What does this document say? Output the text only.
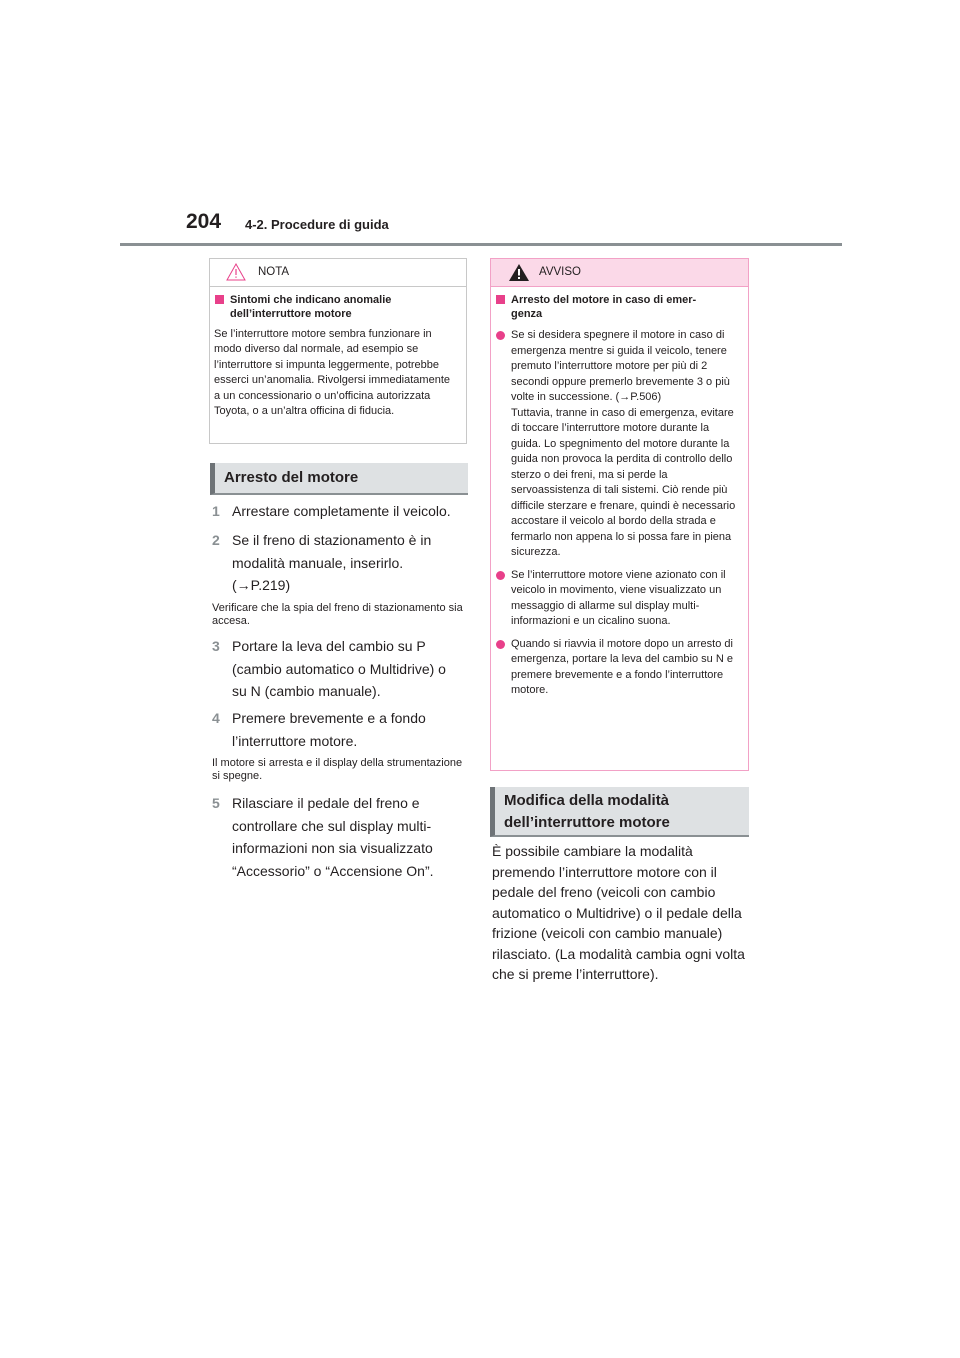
204 4-2. Procedure di guida
NOTA
Sintomi che indicano anomalie
dell’interruttore motore
Se l’interruttore motore sembra funzionare in modo diverso dal normale, ad esempio se l’interruttore si impunta leggermente, potrebbe esserci un’anomalia. Rivolgersi immediatamente a un concessionario o un’officina autorizzata Toyota, o a un’altra officina di fiducia.
Arresto del motore
1 Arrestare completamente il veicolo.
2 Se il freno di stazionamento è in modalità manuale, inserirlo. (→P.219)
Verificare che la spia del freno di stazionamento sia accesa.
3 Portare la leva del cambio su P (cambio automatico o Multidrive) o su N (cambio manuale).
4 Premere brevemente e a fondo l’interruttore motore.
Il motore si arresta e il display della strumentazione si spegne.
5 Rilasciare il pedale del freno e controllare che sul display multi-informazioni non sia visualizzato “Accessorio” o “Accensione On”.
AVVISO
Arresto del motore in caso di emer-
genza
Se si desidera spegnere il motore in caso di emergenza mentre si guida il veicolo, tenere premuto l’interruttore motore per più di 2 secondi oppure premerlo brevemente 3 o più volte in successione. (→P.506)
Tuttavia, tranne in caso di emergenza, evitare di toccare l’interruttore motore durante la guida. Lo spegnimento del motore durante la guida non provoca la perdita di controllo dello sterzo o dei freni, ma si perde la servoassistenza di tali sistemi. Ciò rende più difficile sterzare e frenare, quindi è necessario accostare il veicolo al bordo della strada e fermarlo non appena lo si possa fare in piena sicurezza.
Se l’interruttore motore viene azionato con il veicolo in movimento, viene visualizzato un messaggio di allarme sul display multi-informazioni e un cicalino suona.
Quando si riavvia il motore dopo un arresto di emergenza, portare la leva del cambio su N e premere brevemente e a fondo l’interruttore motore.
Modifica della modalità
dell’interruttore motore
È possibile cambiare la modalità premendo l’interruttore motore con il pedale del freno (veicoli con cambio automatico o Multidrive) o il pedale della frizione (veicoli con cambio manuale) rilasciato. (La modalità cambia ogni volta che si preme l’interruttore).
